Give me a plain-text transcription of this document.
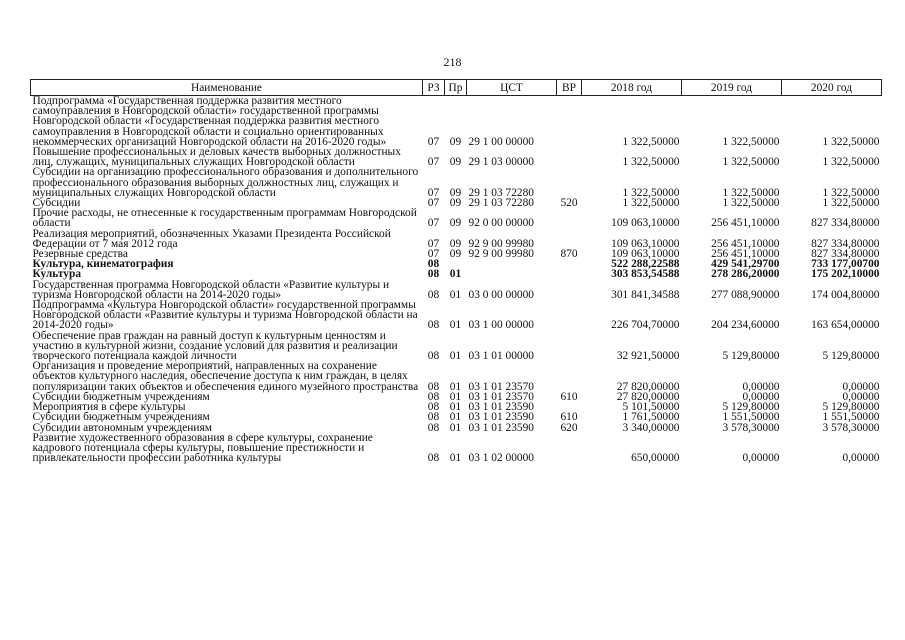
218
Наименование	РЗ	Пр	ЦСТ	ВР	2018 год	2019 год	2020 год
Подпрограмма «Государственная поддержка развития местного самоуправления в Новгородской области» государственной программы Новгородской области «Государственная поддержка развития местного самоуправления в Новгородской области и социально ориентированных некоммерческих организаций Новгородской области на 2016-2020 годы»	07	09	29 1 00 00000		1 322,50000	1 322,50000	1 322,50000
Повышение профессиональных и деловых качеств выборных должностных лиц, служащих, муниципальных служащих Новгородской области	07	09	29 1 03 00000		1 322,50000	1 322,50000	1 322,50000
Субсидии на организацию профессионального образования и дополнительного профессионального образования выборных должностных лиц, служащих и муниципальных служащих Новгородской области	07	09	29 1 03 72280		1 322,50000	1 322,50000	1 322,50000
Субсидии	07	09	29 1 03 72280	520	1 322,50000	1 322,50000	1 322,50000
Прочие расходы, не отнесенные к государственным программам Новгородской области	07	09	92 0 00 00000		109 063,10000	256 451,10000	827 334,80000
Реализация мероприятий, обозначенных Указами Президента Российской Федерации от 7 мая 2012 года	07	09	92 9 00 99980		109 063,10000	256 451,10000	827 334,80000
Резервные средства	07	09	92 9 00 99980	870	109 063,10000	256 451,10000	827 334,80000
Культура, кинематография	08				522 288,22588	429 541,29700	733 177,00700
Культура	08	01			303 853,54588	278 286,20000	175 202,10000
Государственная программа Новгородской области «Развитие культуры и туризма Новгородской области на 2014-2020 годы»	08	01	03 0 00 00000		301 841,34588	277 088,90000	174 004,80000
Подпрограмма «Культура Новгородской области» государственной программы Новгородской области «Развитие культуры и туризма Новгородской области на 2014-2020 годы»	08	01	03 1 00 00000		226 704,70000	204 234,60000	163 654,00000
Обеспечение прав граждан на равный доступ к культурным ценностям и участию в культурной жизни, создание условий для развития и реализации творческого потенциала каждой личности	08	01	03 1 01 00000		32 921,50000	5 129,80000	5 129,80000
Организация и проведение мероприятий, направленных на сохранение объектов культурного наследия, обеспечение доступа к ним граждан, в целях популяризации таких объектов и обеспечения единого музейного пространства	08	01	03 1 01 23570		27 820,00000	0,00000	0,00000
Субсидии бюджетным учреждениям	08	01	03 1 01 23570	610	27 820,00000	0,00000	0,00000
Мероприятия в сфере культуры	08	01	03 1 01 23590		5 101,50000	5 129,80000	5 129,80000
Субсидии бюджетным учреждениям	08	01	03 1 01 23590	610	1 761,50000	1 551,50000	1 551,50000
Субсидии автономным учреждениям	08	01	03 1 01 23590	620	3 340,00000	3 578,30000	3 578,30000
Развитие художественного образования в сфере культуры, сохранение кадрового потенциала сферы культуры, повышение престижности и привлекательности профессии работника культуры	08	01	03 1 02 00000		650,00000	0,00000	0,00000
